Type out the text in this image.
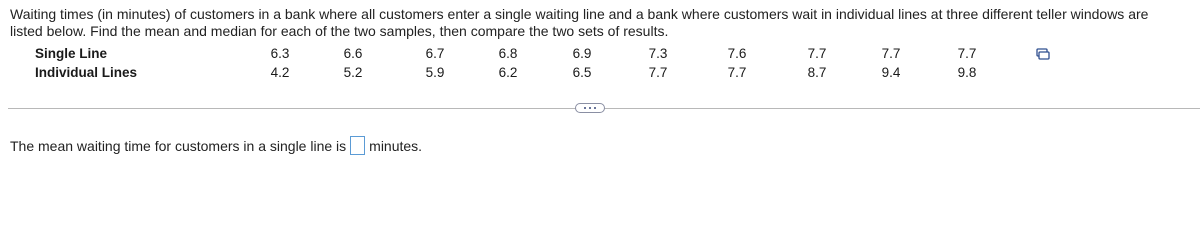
Waiting times (in minutes) of customers in a bank where all customers enter a single waiting line and a bank where customers wait in individual lines at three different teller windows are listed below. Find the mean and median for each of the two samples, then compare the two sets of results.
Single Line	6.3	6.6	6.7	6.8	6.9	7.3	7.6	7.7	7.7	7.7
Individual Lines	4.2	5.2	5.9	6.2	6.5	7.7	7.7	8.7	9.4	9.8
The mean waiting time for customers in a single line is minutes.
